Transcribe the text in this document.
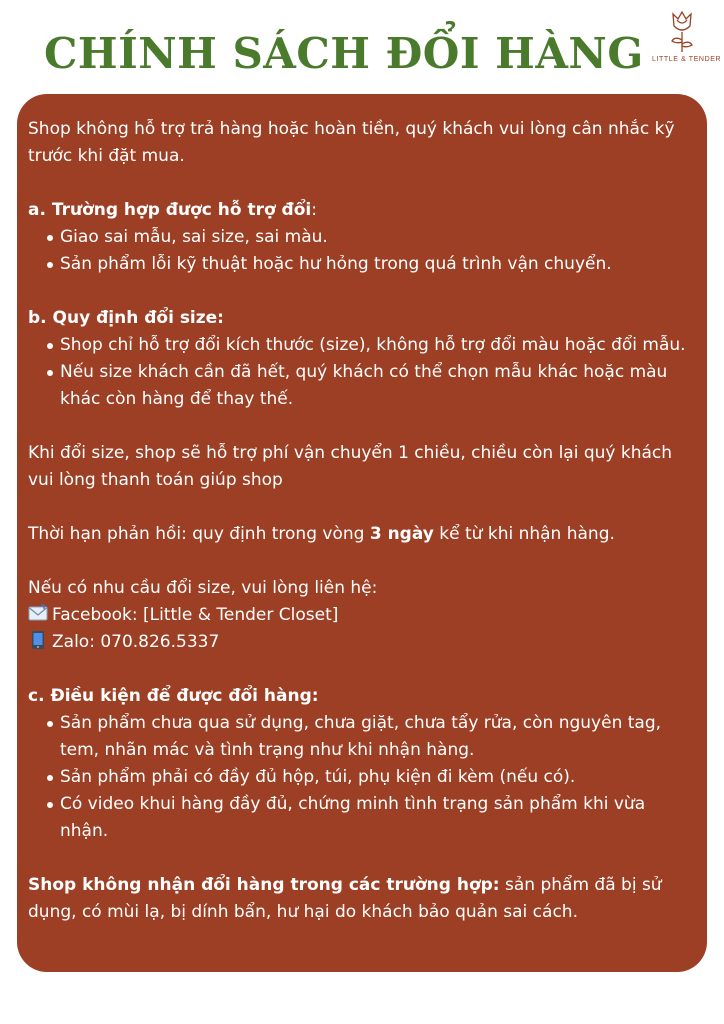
CHÍNH SÁCH ĐỔI HÀNG LITTLE & TENDER

Shop không hỗ trợ trả hàng hoặc hoàn tiền, quý khách vui lòng cân nhắc kỹ trước khi đặt mua.

a. Trường hợp được hỗ trợ đổi:

Giao sai mẫu, sai size, sai màu.
Sản phẩm lỗi kỹ thuật hoặc hư hỏng trong quá trình vận chuyển.

b. Quy định đổi size:

Shop chỉ hỗ trợ đổi kích thước (size), không hỗ trợ đổi màu hoặc đổi mẫu.
Nếu size khách cần đã hết, quý khách có thể chọn mẫu khác hoặc màu khác còn hàng để thay thế.

Khi đổi size, shop sẽ hỗ trợ phí vận chuyển 1 chiều, chiều còn lại quý khách vui lòng thanh toán giúp shop

Thời hạn phản hồi: quy định trong vòng 3 ngày kể từ khi nhận hàng.

Nếu có nhu cầu đổi size, vui lòng liên hệ:

Facebook: [Little & Tender Closet]

Zalo: 070.826.5337

c. Điều kiện để được đổi hàng:

Sản phẩm chưa qua sử dụng, chưa giặt, chưa tẩy rửa, còn nguyên tag, tem, nhãn mác và tình trạng như khi nhận hàng.
Sản phẩm phải có đầy đủ hộp, túi, phụ kiện đi kèm (nếu có).
Có video khui hàng đầy đủ, chứng minh tình trạng sản phẩm khi vừa nhận.

Shop không nhận đổi hàng trong các trường hợp: sản phẩm đã bị sử dụng, có mùi lạ, bị dính bẩn, hư hại do khách bảo quản sai cách.
